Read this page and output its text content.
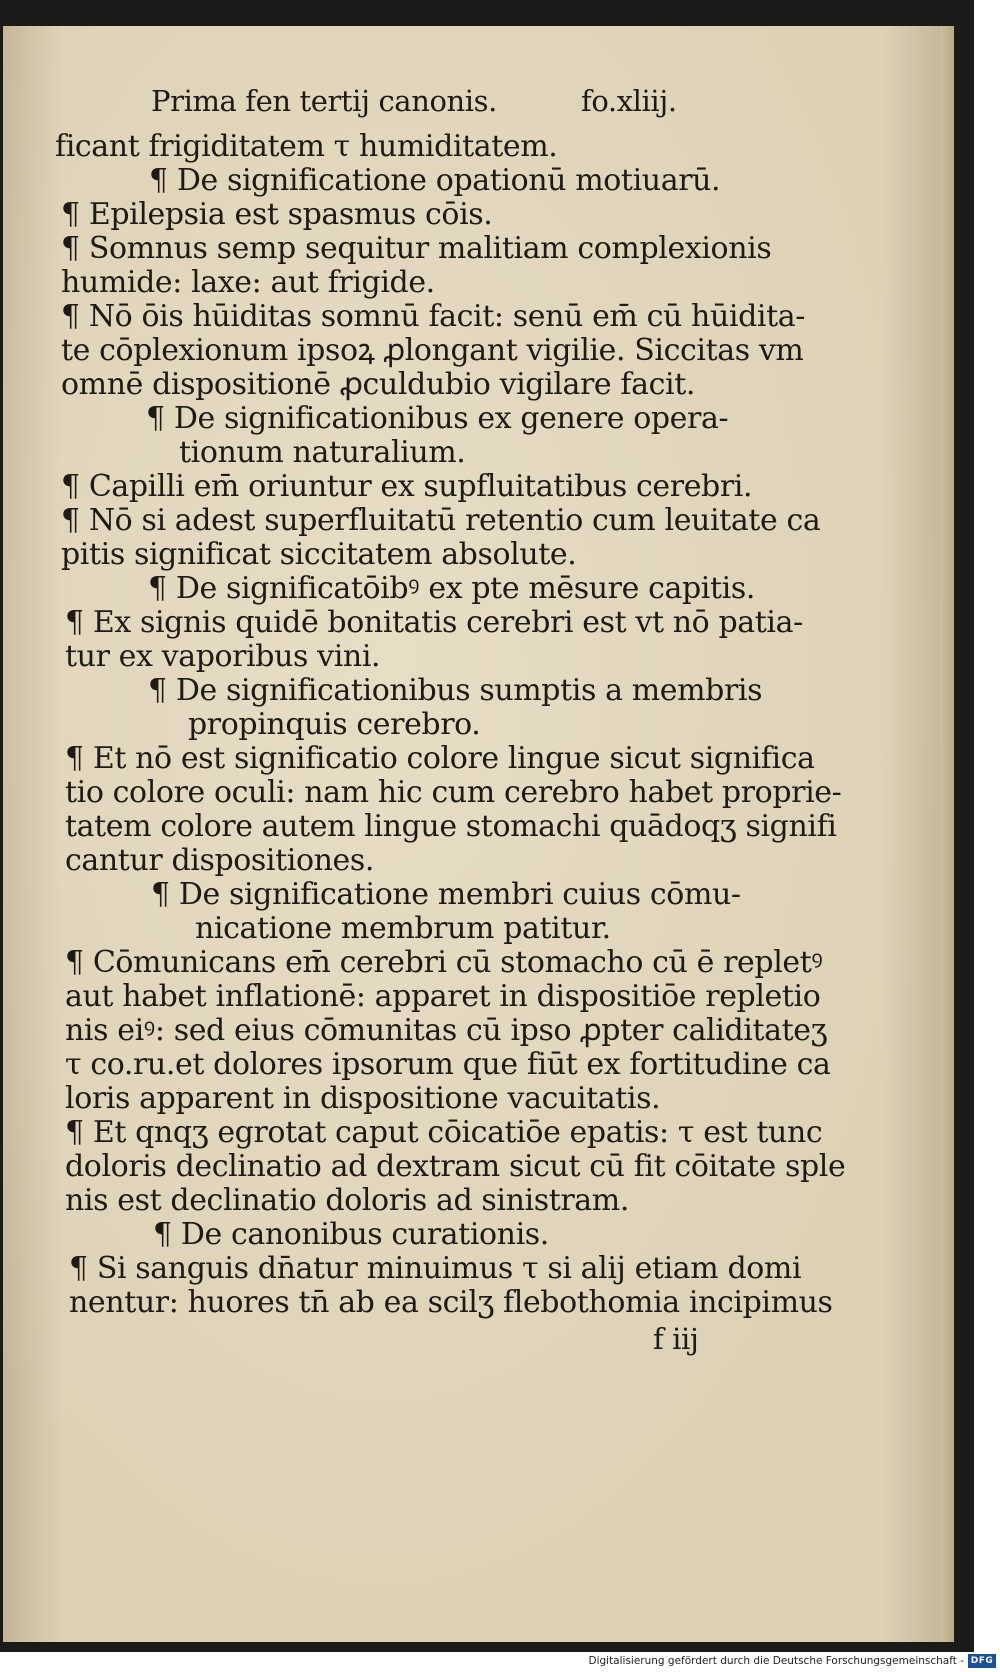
Prima fen tertij canonis.	fo.xliij.
ficant frigiditatem τ humiditatem.
¶ De significatione opationū motiuarū.
¶ Epilepsia est spasmus cōis.
¶ Somnus semp sequitur malitiam complexionis
humide: laxe: aut frigide.
¶ Nō ōis hūiditas somnū facit: senū em̄ cū hūidita-
te cōplexionum ipsoꝝ ꝓlongant vigilie. Siccitas vm
omnē dispositionē ꝓculdubio vigilare facit.
¶ De significationibus ex genere opera-
tionum naturalium.
¶ Capilli em̄ oriuntur ex supfluitatibus cerebri.
¶ Nō si adest superfluitatū retentio cum leuitate ca
pitis significat siccitatem absolute.
¶ De significatōibꝰ ex pte mēsure capitis.
¶ Ex signis quidē bonitatis cerebri est vt nō patia-
tur ex vaporibus vini.
¶ De significationibus sumptis a membris
propinquis cerebro.
¶ Et nō est significatio colore lingue sicut significa
tio colore oculi: nam hic cum cerebro habet proprie-
tatem colore autem lingue stomachi quādoqʒ signifi
cantur dispositiones.
¶ De significatione membri cuius cōmu-
nicatione membrum patitur.
¶ Cōmunicans em̄ cerebri cū stomacho cū ē repletꝰ
aut habet inflationē: apparet in dispositiōe repletio
nis eiꝰ: sed eius cōmunitas cū ipso ꝓpter caliditateʒ
τ co.ru.et dolores ipsorum que fiūt ex fortitudine ca
loris apparent in dispositione vacuitatis.
¶ Et qnqʒ egrotat caput cōicatiōe epatis: τ est tunc
doloris declinatio ad dextram sicut cū fit cōitate sple
nis est declinatio doloris ad sinistram.
¶ De canonibus curationis.
¶ Si sanguis dn̄atur minuimus τ si alij etiam domi
nentur: huores tn̄ ab ea scilʒ flebothomia incipimus
f iij
Digitalisierung gefördert durch die Deutsche Forschungsgemeinschaft - DFG
